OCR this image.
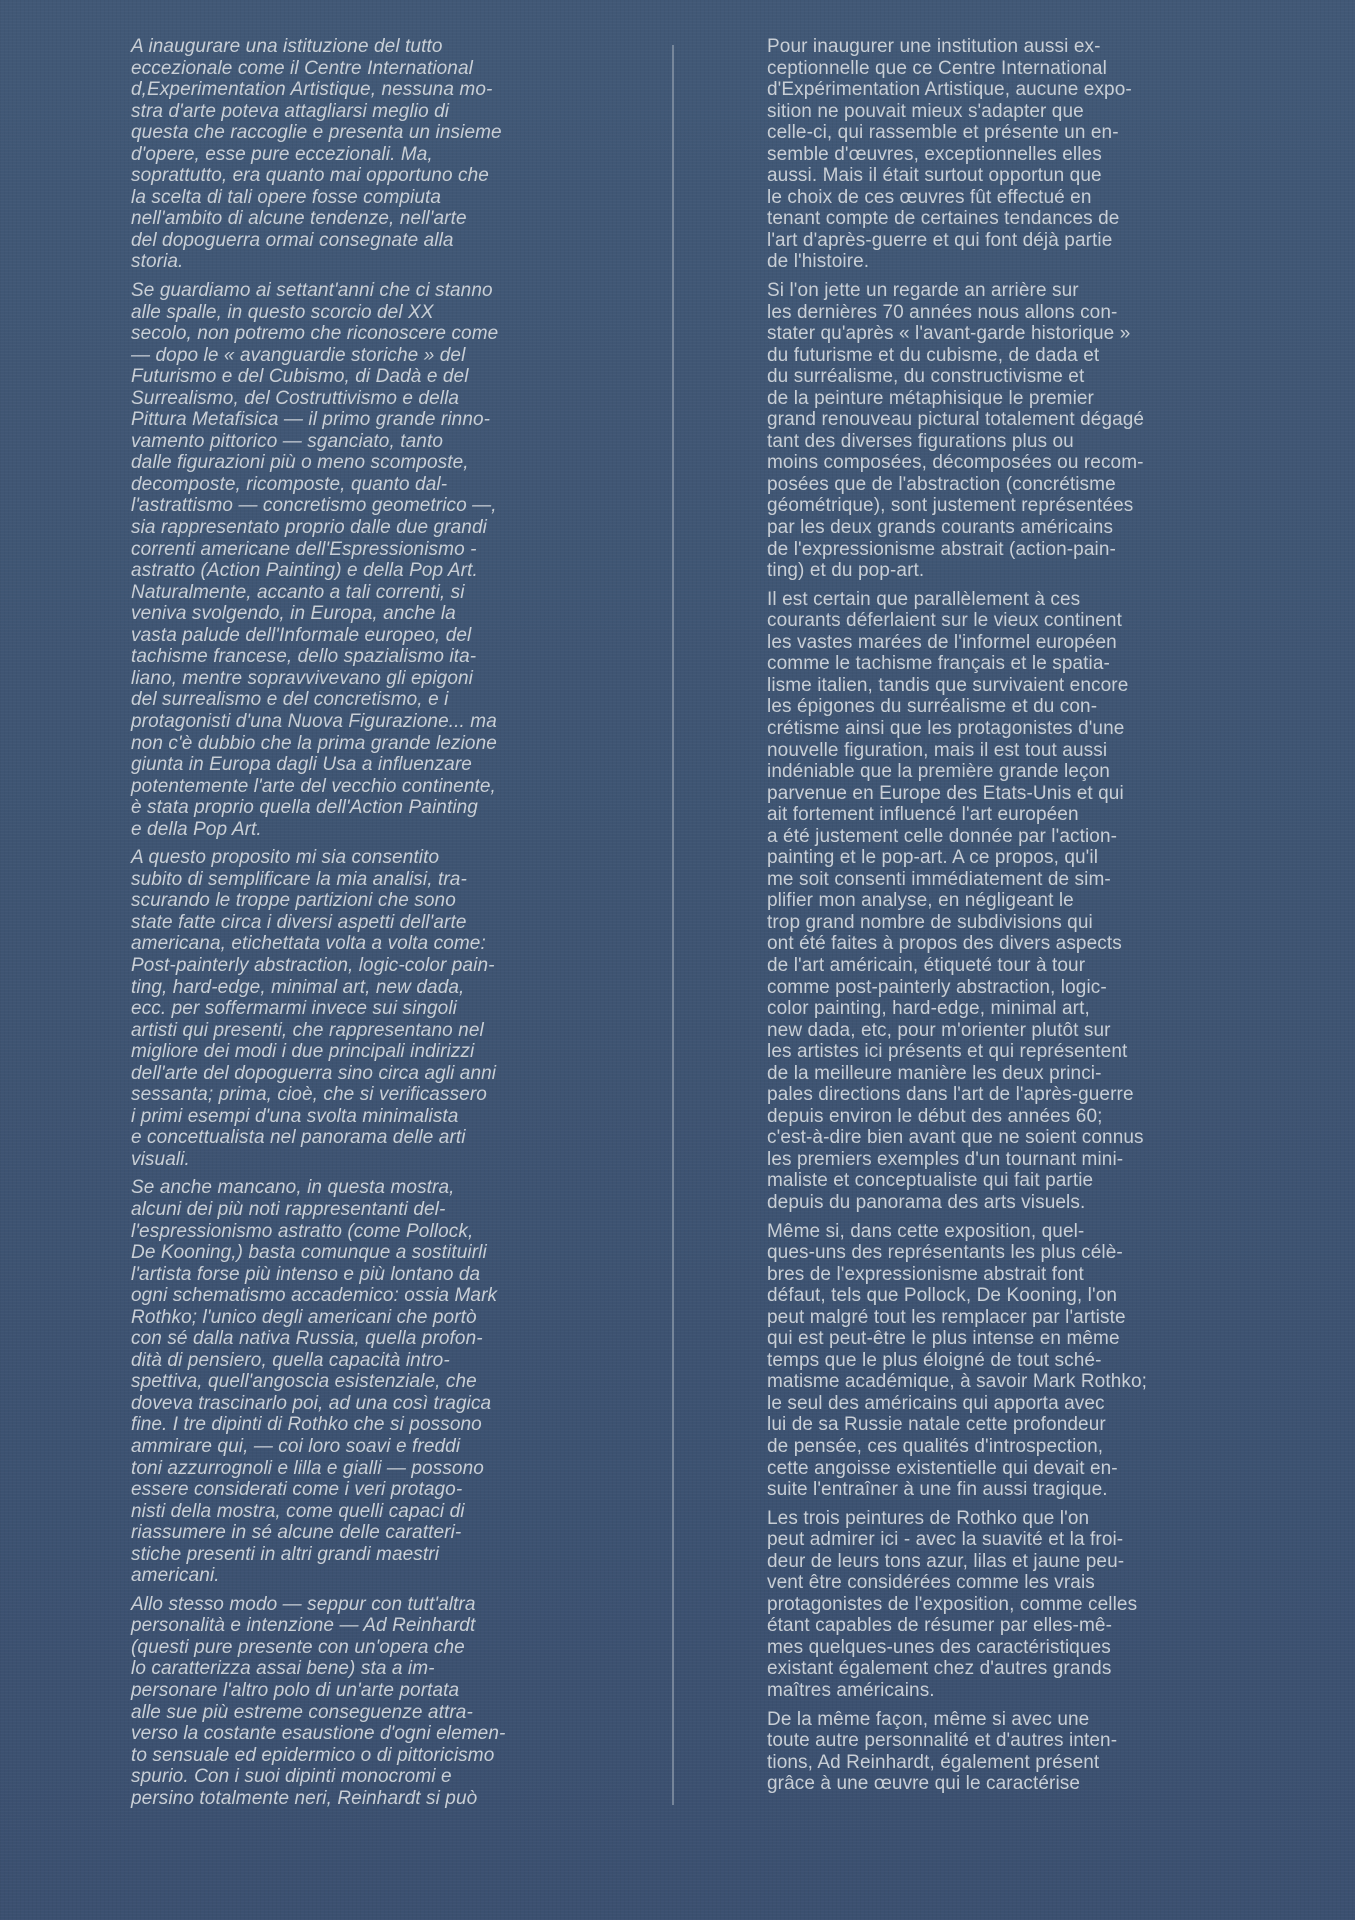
A inaugurare una istituzione del tutto
eccezionale come il Centre International
d,Experimentation Artistique, nessuna mo-
stra d'arte poteva attagliarsi meglio di
questa che raccoglie e presenta un insieme
d'opere, esse pure eccezionali. Ma,
soprattutto, era quanto mai opportuno che
la scelta di tali opere fosse compiuta
nell'ambito di alcune tendenze, nell'arte
del dopoguerra ormai consegnate alla
storia.

Se guardiamo ai settant'anni che ci stanno
alle spalle, in questo scorcio del XX
secolo, non potremo che riconoscere come
— dopo le « avanguardie storiche » del
Futurismo e del Cubismo, di Dadà e del
Surrealismo, del Costruttivismo e della
Pittura Metafisica — il primo grande rinno-
vamento pittorico — sganciato, tanto
dalle figurazioni più o meno scomposte,
decomposte, ricomposte, quanto dal-
l'astrattismo — concretismo geometrico —,
sia rappresentato proprio dalle due grandi
correnti americane dell'Espressionismo -
astratto (Action Painting) e della Pop Art.
Naturalmente, accanto a tali correnti, si
veniva svolgendo, in Europa, anche la
vasta palude dell'Informale europeo, del
tachisme francese, dello spazialismo ita-
liano, mentre sopravvivevano gli epigoni
del surrealismo e del concretismo, e i
protagonisti d'una Nuova Figurazione... ma
non c'è dubbio che la prima grande lezione
giunta in Europa dagli Usa a influenzare
potentemente l'arte del vecchio continente,
è stata proprio quella dell'Action Painting
e della Pop Art.

A questo proposito mi sia consentito
subito di semplificare la mia analisi, tra-
scurando le troppe partizioni che sono
state fatte circa i diversi aspetti dell'arte
americana, etichettata volta a volta come:
Post-painterly abstraction, logic-color pain-
ting, hard-edge, minimal art, new dada,
ecc. per soffermarmi invece sui singoli
artisti qui presenti, che rappresentano nel
migliore dei modi i due principali indirizzi
dell'arte del dopoguerra sino circa agli anni
sessanta; prima, cioè, che si verificassero
i primi esempi d'una svolta minimalista
e concettualista nel panorama delle arti
visuali.

Se anche mancano, in questa mostra,
alcuni dei più noti rappresentanti del-
l'espressionismo astratto (come Pollock,
De Kooning,) basta comunque a sostituirli
l'artista forse più intenso e più lontano da
ogni schematismo accademico: ossia Mark
Rothko; l'unico degli americani che portò
con sé dalla nativa Russia, quella profon-
dità di pensiero, quella capacità intro-
spettiva, quell'angoscia esistenziale, che
doveva trascinarlo poi, ad una così tragica
fine. I tre dipinti di Rothko che si possono
ammirare qui, — coi loro soavi e freddi
toni azzurrognoli e lilla e gialli — possono
essere considerati come i veri protago-
nisti della mostra, come quelli capaci di
riassumere in sé alcune delle caratteri-
stiche presenti in altri grandi maestri
americani.

Allo stesso modo — seppur con tutt'altra
personalità e intenzione — Ad Reinhardt
(questi pure presente con un'opera che
lo caratterizza assai bene) sta a im-
personare l'altro polo di un'arte portata
alle sue più estreme conseguenze attra-
verso la costante esaustione d'ogni elemen-
to sensuale ed epidermico o di pittoricismo
spurio. Con i suoi dipinti monocromi e
persino totalmente neri, Reinhardt si può

Pour inaugurer une institution aussi ex-
ceptionnelle que ce Centre International
d'Expérimentation Artistique, aucune expo-
sition ne pouvait mieux s'adapter que
celle-ci, qui rassemble et présente un en-
semble d'œuvres, exceptionnelles elles
aussi. Mais il était surtout opportun que
le choix de ces œuvres fût effectué en
tenant compte de certaines tendances de
l'art d'après-guerre et qui font déjà partie
de l'histoire.

Si l'on jette un regarde an arrière sur
les dernières 70 années nous allons con-
stater qu'après « l'avant-garde historique »
du futurisme et du cubisme, de dada et
du surréalisme, du constructivisme et
de la peinture métaphisique le premier
grand renouveau pictural totalement dégagé
tant des diverses figurations plus ou
moins composées, décomposées ou recom-
posées que de l'abstraction (concrétisme
géométrique), sont justement représentées
par les deux grands courants américains
de l'expressionisme abstrait (action-pain-
ting) et du pop-art.

Il est certain que parallèlement à ces
courants déferlaient sur le vieux continent
les vastes marées de l'informel européen
comme le tachisme français et le spatia-
lisme italien, tandis que survivaient encore
les épigones du surréalisme et du con-
crétisme ainsi que les protagonistes d'une
nouvelle figuration, mais il est tout aussi
indéniable que la première grande leçon
parvenue en Europe des Etats-Unis et qui
ait fortement influencé l'art européen
a été justement celle donnée par l'action-
painting et le pop-art. A ce propos, qu'il
me soit consenti immédiatement de sim-
plifier mon analyse, en négligeant le
trop grand nombre de subdivisions qui
ont été faites à propos des divers aspects
de l'art américain, étiqueté tour à tour
comme post-painterly abstraction, logic-
color painting, hard-edge, minimal art,
new dada, etc, pour m'orienter plutôt sur
les artistes ici présents et qui représentent
de la meilleure manière les deux princi-
pales directions dans l'art de l'après-guerre
depuis environ le début des années 60;
c'est-à-dire bien avant que ne soient connus
les premiers exemples d'un tournant mini-
maliste et conceptualiste qui fait partie
depuis du panorama des arts visuels.

Même si, dans cette exposition, quel-
ques-uns des représentants les plus célè-
bres de l'expressionisme abstrait font
défaut, tels que Pollock, De Kooning, l'on
peut malgré tout les remplacer par l'artiste
qui est peut-être le plus intense en même
temps que le plus éloigné de tout sché-
matisme académique, à savoir Mark Rothko;
le seul des américains qui apporta avec
lui de sa Russie natale cette profondeur
de pensée, ces qualités d'introspection,
cette angoisse existentielle qui devait en-
suite l'entraîner à une fin aussi tragique.

Les trois peintures de Rothko que l'on
peut admirer ici - avec la suavité et la froi-
deur de leurs tons azur, lilas et jaune peu-
vent être considérées comme les vrais
protagonistes de l'exposition, comme celles
étant capables de résumer par elles-mê-
mes quelques-unes des caractéristiques
existant également chez d'autres grands
maîtres américains.

De la même façon, même si avec une
toute autre personnalité et d'autres inten-
tions, Ad Reinhardt, également présent
grâce à une œuvre qui le caractérise
